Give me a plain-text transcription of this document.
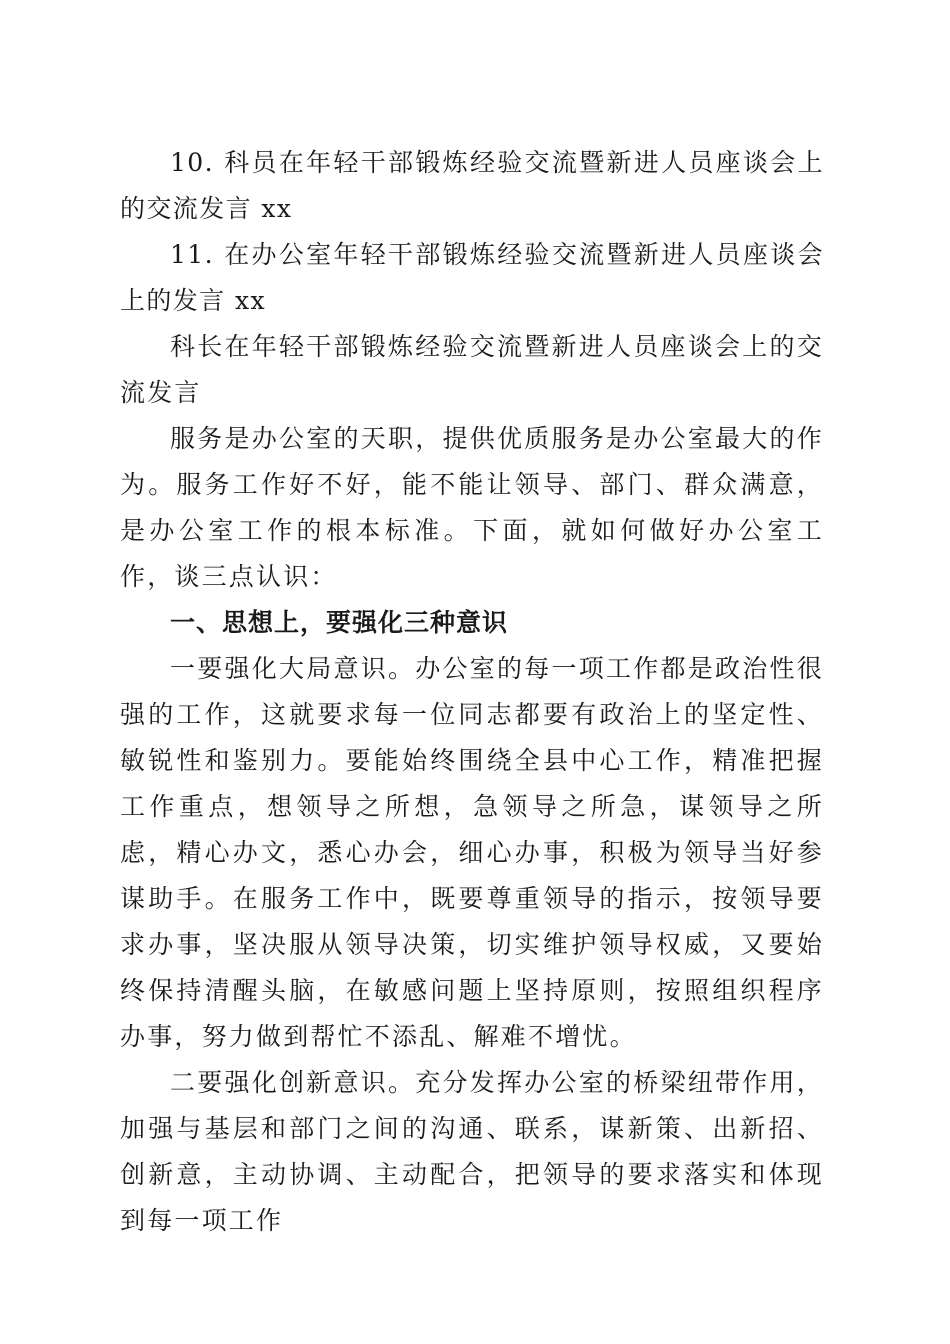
10. 科员在年轻干部锻炼经验交流暨新进人员座谈会上的交流发言 xx

11. 在办公室年轻干部锻炼经验交流暨新进人员座谈会上的发言 xx

科长在年轻干部锻炼经验交流暨新进人员座谈会上的交流发言

服务是办公室的天职，提供优质服务是办公室最大的作为。服务工作好不好，能不能让领导、部门、群众满意，是办公室工作的根本标准。下面，就如何做好办公室工作，谈三点认识：

一、思想上，要强化三种意识

一要强化大局意识。办公室的每一项工作都是政治性很强的工作，这就要求每一位同志都要有政治上的坚定性、敏锐性和鉴别力。要能始终围绕全县中心工作，精准把握工作重点，想领导之所想，急领导之所急，谋领导之所虑，精心办文，悉心办会，细心办事，积极为领导当好参谋助手。在服务工作中，既要尊重领导的指示，按领导要求办事，坚决服从领导决策，切实维护领导权威，又要始终保持清醒头脑，在敏感问题上坚持原则，按照组织程序办事，努力做到帮忙不添乱、解难不增忧。

二要强化创新意识。充分发挥办公室的桥梁纽带作用，加强与基层和部门之间的沟通、联系，谋新策、出新招、创新意，主动协调、主动配合，把领导的要求落实和体现到每一项工作
